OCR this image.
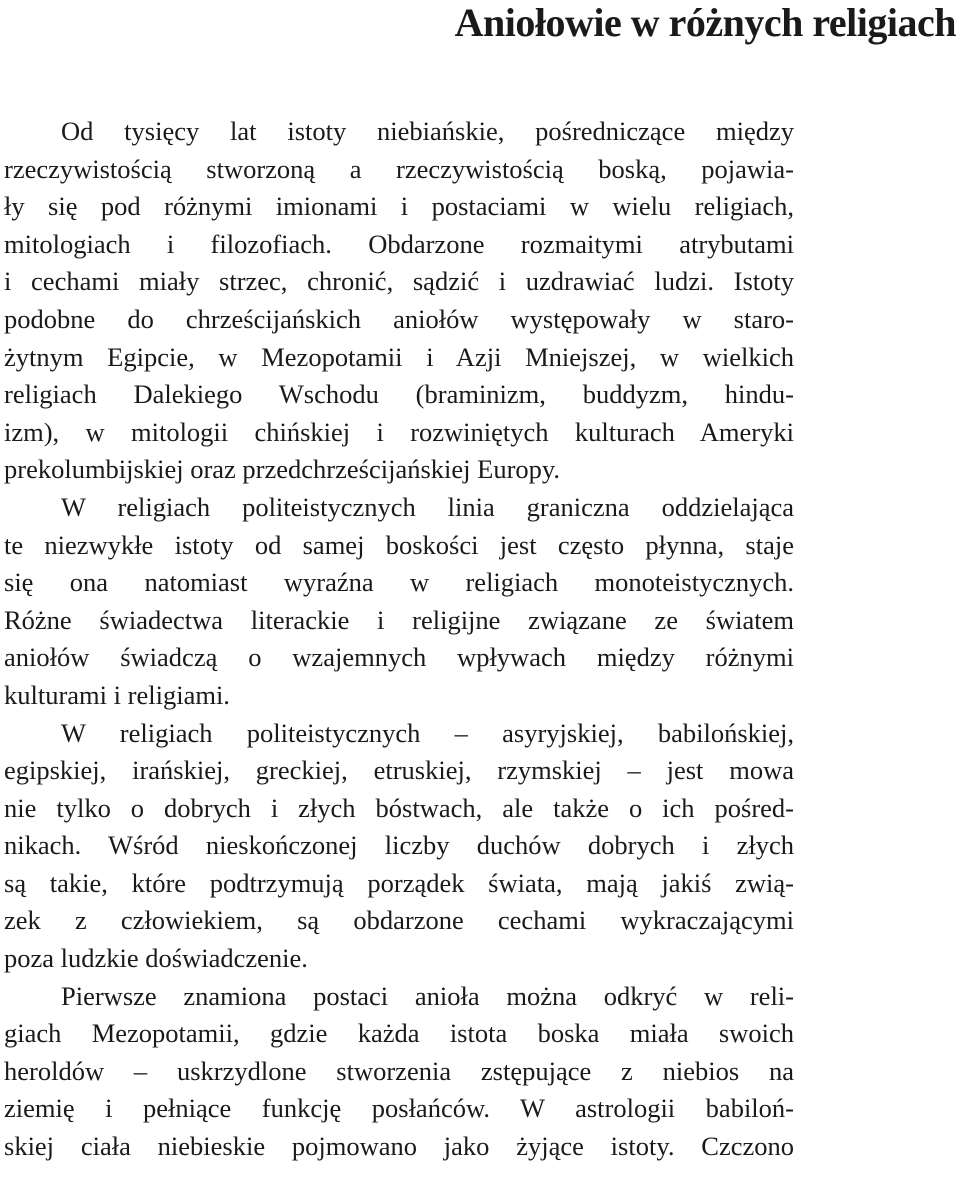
Aniołowie w różnych religiach
Od tysięcy lat istoty niebiańskie, pośredniczące między
rzeczywistością stworzoną a rzeczywistością boską, pojawia-
ły się pod różnymi imionami i postaciami w wielu religiach,
mitologiach i filozofiach. Obdarzone rozmaitymi atrybutami
i cechami miały strzec, chronić, sądzić i uzdrawiać ludzi. Istoty
podobne do chrześcijańskich aniołów występowały w staro-
żytnym Egipcie, w Mezopotamii i Azji Mniejszej, w wielkich
religiach Dalekiego Wschodu (braminizm, buddyzm, hindu-
izm), w mitologii chińskiej i rozwiniętych kulturach Ameryki
prekolumbijskiej oraz przedchrześcijańskiej Europy.
W religiach politeistycznych linia graniczna oddzielająca
te niezwykłe istoty od samej boskości jest często płynna, staje
się ona natomiast wyraźna w religiach monoteistycznych.
Różne świadectwa literackie i religijne związane ze światem
aniołów świadczą o wzajemnych wpływach między różnymi
kulturami i religiami.
W religiach politeistycznych – asyryjskiej, babilońskiej,
egipskiej, irańskiej, greckiej, etruskiej, rzymskiej – jest mowa
nie tylko o dobrych i złych bóstwach, ale także o ich pośred-
nikach. Wśród nieskończonej liczby duchów dobrych i złych
są takie, które podtrzymują porządek świata, mają jakiś zwią-
zek z człowiekiem, są obdarzone cechami wykraczającymi
poza ludzkie doświadczenie.
Pierwsze znamiona postaci anioła można odkryć w reli-
giach Mezopotamii, gdzie każda istota boska miała swoich
heroldów – uskrzydlone stworzenia zstępujące z niebios na
ziemię i pełniące funkcję posłańców. W astrologii babiloń-
skiej ciała niebieskie pojmowano jako żyjące istoty. Czczono
